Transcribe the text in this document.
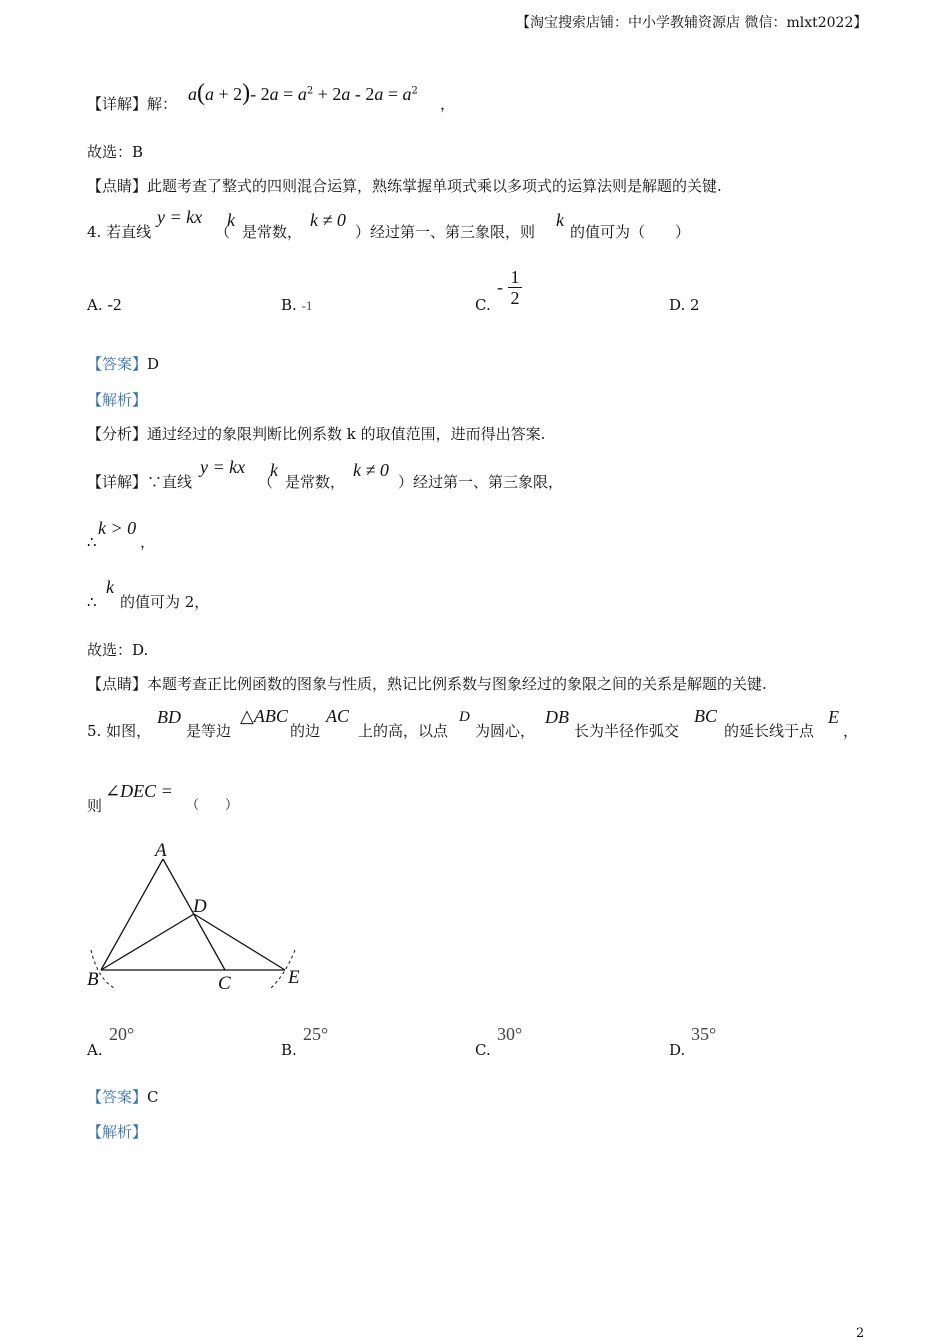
【淘宝搜索店铺：中小学教辅资源店 微信：mlxt2022】
【详解】解： a(a + 2)- $2a = a^2 + 2a - 2a = a^2$
，
故选：B
【点睛】此题考查了整式的四则混合运算，熟练掌握单项式乘以多项式的运算法则是解题的关键.
4. 若直线
y = kx
（
k
是常数，
k ≠ 0
）经过第一、第三象限，则
k
的值可为（　　）
A. -2	B. -1	C.
- $\frac{1}{2}$	D. 2
【答案】D
【解析】
【分析】通过经过的象限判断比例系数 k 的取值范围，进而得出答案.
【详解】∵直线
y = kx
（
k
是常数，
k ≠ 0
）经过第一、第三象限，
∴
k > 0
，
∴
k
的值可为 2，
故选：D.
【点睛】本题考查正比例函数的图象与性质，熟记比例系数与图象经过的象限之间的关系是解题的关键.
5. 如图，
BD
是等边
△ABC
的边
AC
上的高，以点
D
为圆心，
DB
长为半径作弧交
BC
的延长线于点
E
，
则
∠DEC =
（　　）
A
B	C
D
E
A.
20°
B.
25°
C.
30°
D.
35°
【答案】C
【解析】
2
